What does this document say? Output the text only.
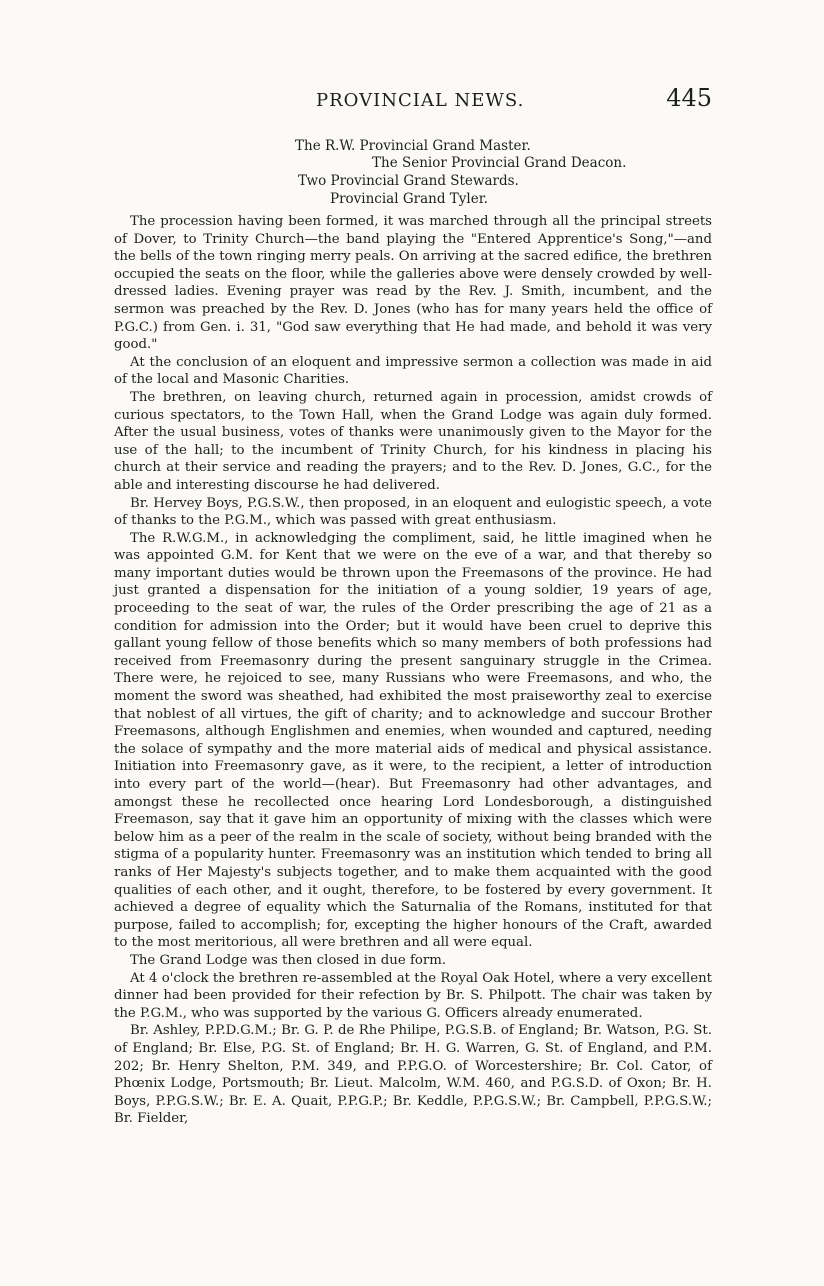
PROVINCIAL NEWS.	445
The R.W. Provincial Grand Master.
The Senior Provincial Grand Deacon.
Two Provincial Grand Stewards.
Provincial Grand Tyler.

The procession having been formed, it was marched through all the principal streets of Dover, to Trinity Church—the band playing the "Entered Apprentice's Song,"—and the bells of the town ringing merry peals. On arriving at the sacred edifice, the brethren occupied the seats on the floor, while the galleries above were densely crowded by well-dressed ladies. Evening prayer was read by the Rev. J. Smith, incumbent, and the sermon was preached by the Rev. D. Jones (who has for many years held the office of P.G.C.) from Gen. i. 31, "God saw everything that He had made, and behold it was very good."

At the conclusion of an eloquent and impressive sermon a collection was made in aid of the local and Masonic Charities.

The brethren, on leaving church, returned again in procession, amidst crowds of curious spectators, to the Town Hall, when the Grand Lodge was again duly formed. After the usual business, votes of thanks were unanimously given to the Mayor for the use of the hall; to the incumbent of Trinity Church, for his kindness in placing his church at their service and reading the prayers; and to the Rev. D. Jones, G.C., for the able and interesting discourse he had delivered.

Br. Hervey Boys, P.G.S.W., then proposed, in an eloquent and eulogistic speech, a vote of thanks to the P.G.M., which was passed with great enthusiasm.

The R.W.G.M., in acknowledging the compliment, said, he little imagined when he was appointed G.M. for Kent that we were on the eve of a war, and that thereby so many important duties would be thrown upon the Freemasons of the province. He had just granted a dispensation for the initiation of a young soldier, 19 years of age, proceeding to the seat of war, the rules of the Order prescribing the age of 21 as a condition for admission into the Order; but it would have been cruel to deprive this gallant young fellow of those benefits which so many members of both professions had received from Freemasonry during the present sanguinary struggle in the Crimea. There were, he rejoiced to see, many Russians who were Freemasons, and who, the moment the sword was sheathed, had exhibited the most praiseworthy zeal to exercise that noblest of all virtues, the gift of charity; and to acknowledge and succour Brother Freemasons, although Englishmen and enemies, when wounded and captured, needing the solace of sympathy and the more material aids of medical and physical assistance. Initiation into Freemasonry gave, as it were, to the recipient, a letter of introduction into every part of the world—(hear). But Freemasonry had other advantages, and amongst these he recollected once hearing Lord Londesborough, a distinguished Freemason, say that it gave him an opportunity of mixing with the classes which were below him as a peer of the realm in the scale of society, without being branded with the stigma of a popularity hunter. Freemasonry was an institution which tended to bring all ranks of Her Majesty's subjects together, and to make them acquainted with the good qualities of each other, and it ought, therefore, to be fostered by every government. It achieved a degree of equality which the Saturnalia of the Romans, instituted for that purpose, failed to accomplish; for, excepting the higher honours of the Craft, awarded to the most meritorious, all were brethren and all were equal.

The Grand Lodge was then closed in due form.

At 4 o'clock the brethren re-assembled at the Royal Oak Hotel, where a very excellent dinner had been provided for their refection by Br. S. Philpott. The chair was taken by the P.G.M., who was supported by the various G. Officers already enumerated.

Br. Ashley, P.P.D.G.M.; Br. G. P. de Rhe Philipe, P.G.S.B. of England; Br. Watson, P.G. St. of England; Br. Else, P.G. St. of England; Br. H. G. Warren, G. St. of England, and P.M. 202; Br. Henry Shelton, P.M. 349, and P.P.G.O. of Worcestershire; Br. Col. Cator, of Phœnix Lodge, Portsmouth; Br. Lieut. Malcolm, W.M. 460, and P.G.S.D. of Oxon; Br. H. Boys, P.P.G.S.W.; Br. E. A. Quait, P.P.G.P.; Br. Keddle, P.P.G.S.W.; Br. Campbell, P.P.G.S.W.; Br. Fielder,
